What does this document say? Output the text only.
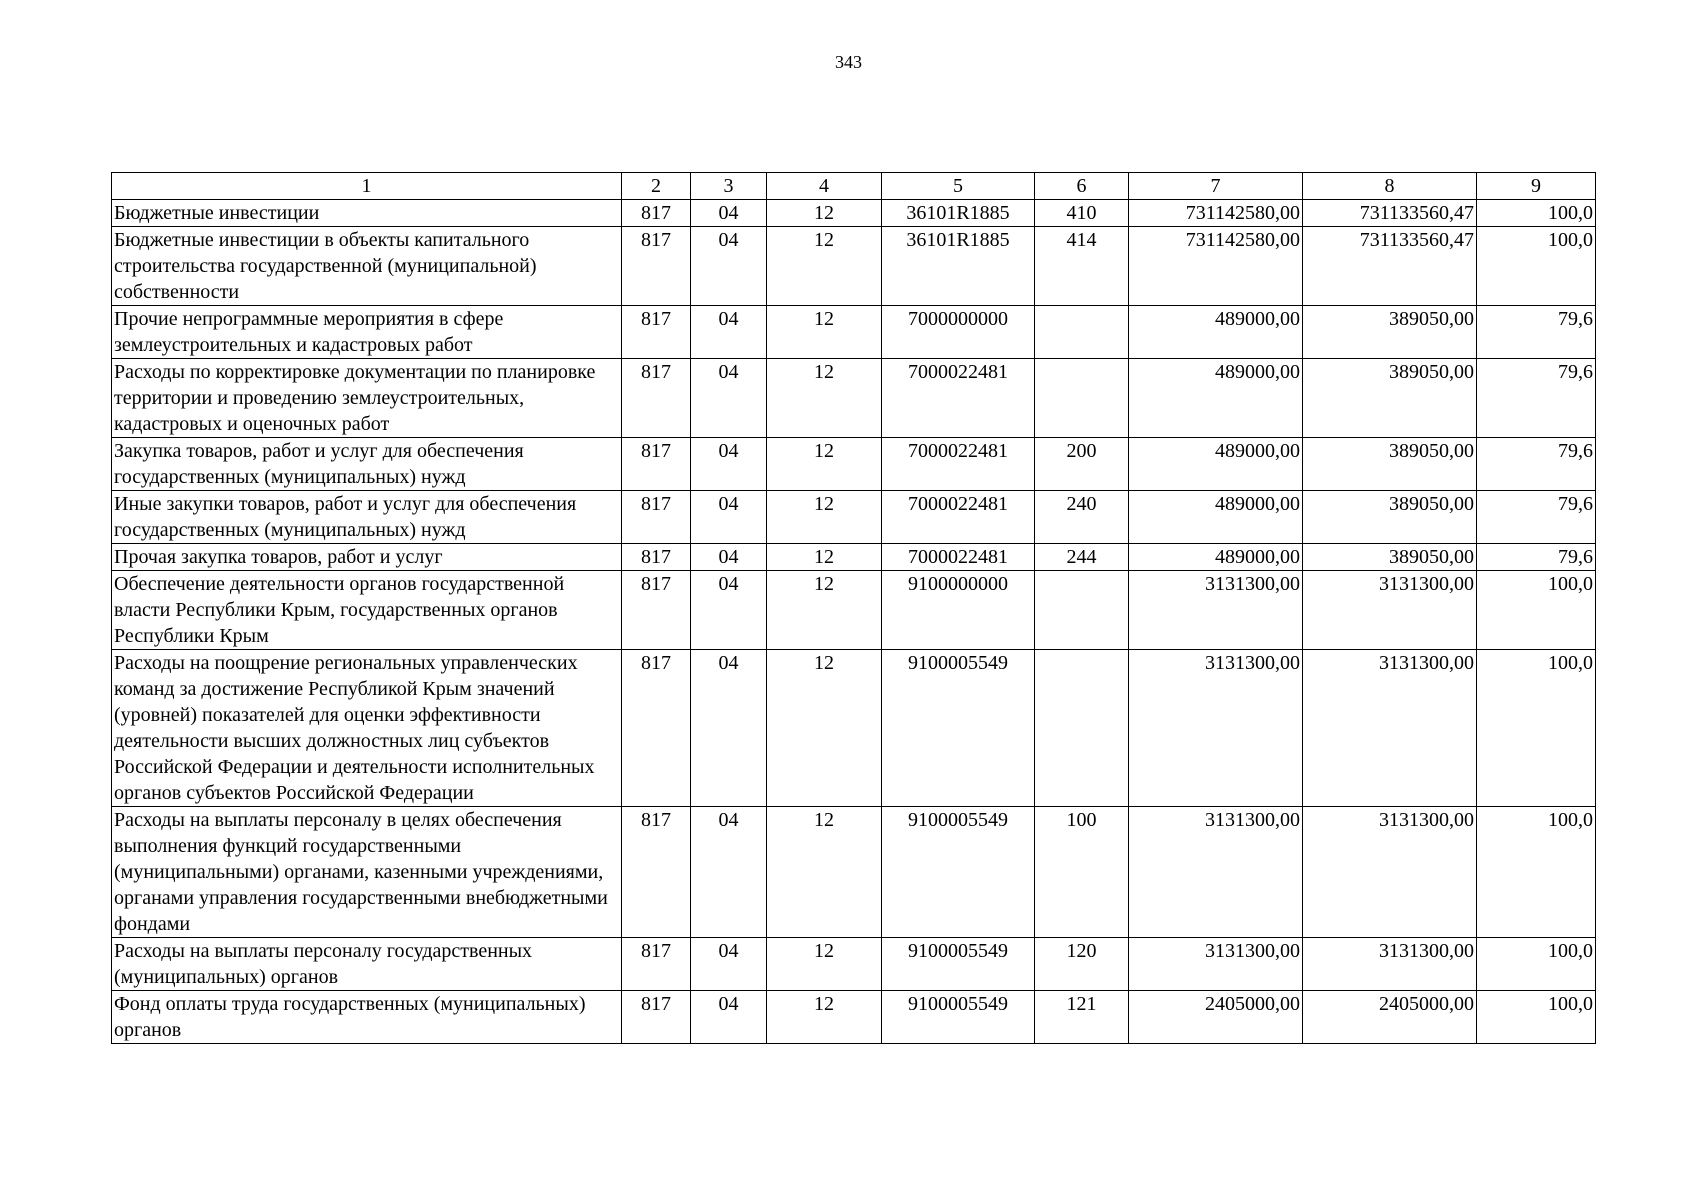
343
1	2	3	4	5	6	7	8	9
Бюджетные инвестиции	817	04	12	36101R1885	410	731142580,00	731133560,47	100,0
Бюджетные инвестиции в объекты капитального строительства государственной (муниципальной) собственности	817	04	12	36101R1885	414	731142580,00	731133560,47	100,0
Прочие непрограммные мероприятия в сфере землеустроительных и кадастровых работ	817	04	12	7000000000		489000,00	389050,00	79,6
Расходы по корректировке документации по планировке территории и проведению землеустроительных, кадастровых и оценочных работ	817	04	12	7000022481		489000,00	389050,00	79,6
Закупка товаров, работ и услуг для обеспечения государственных (муниципальных) нужд	817	04	12	7000022481	200	489000,00	389050,00	79,6
Иные закупки товаров, работ и услуг для обеспечения государственных (муниципальных) нужд	817	04	12	7000022481	240	489000,00	389050,00	79,6
Прочая закупка товаров, работ и услуг	817	04	12	7000022481	244	489000,00	389050,00	79,6
Обеспечение деятельности органов государственной власти Республики Крым, государственных органов Республики Крым	817	04	12	9100000000		3131300,00	3131300,00	100,0
Расходы на поощрение региональных управленческих команд за достижение Республикой Крым значений (уровней) показателей для оценки эффективности деятельности высших должностных лиц субъектов Российской Федерации и деятельности исполнительных органов субъектов Российской Федерации	817	04	12	9100005549		3131300,00	3131300,00	100,0
Расходы на выплаты персоналу в целях обеспечения выполнения функций государственными (муниципальными) органами, казенными учреждениями, органами управления государственными внебюджетными фондами	817	04	12	9100005549	100	3131300,00	3131300,00	100,0
Расходы на выплаты персоналу государственных (муниципальных) органов	817	04	12	9100005549	120	3131300,00	3131300,00	100,0
Фонд оплаты труда государственных (муниципальных) органов	817	04	12	9100005549	121	2405000,00	2405000,00	100,0
